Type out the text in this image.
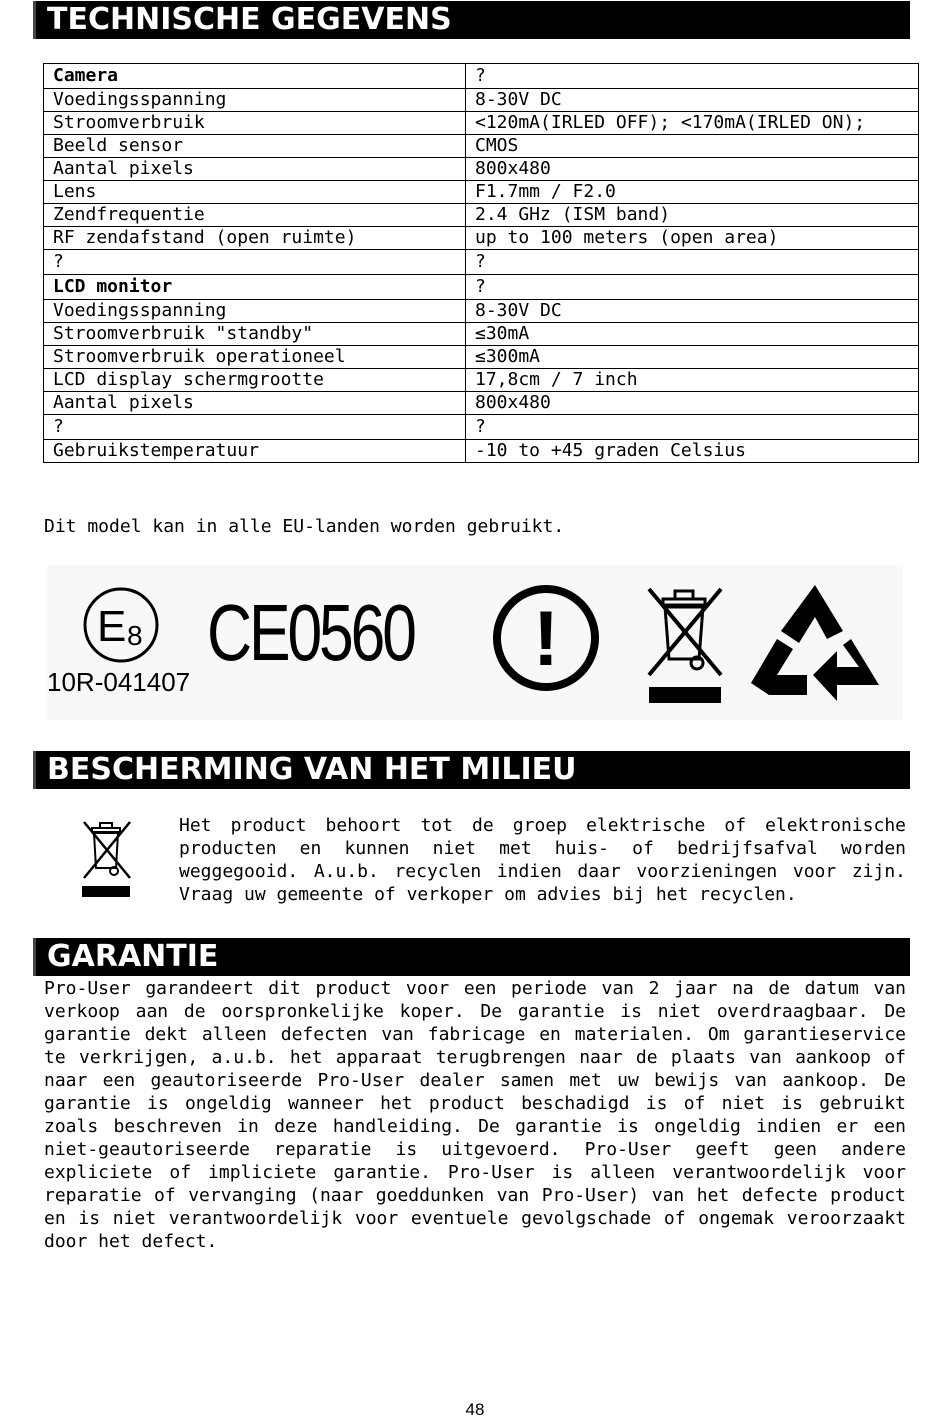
TECHNISCHE GEGEVENS
Camera	?
Voedingsspanning	8-30V DC
Stroomverbruik	<120mA(IRLED OFF); <170mA(IRLED ON);
Beeld sensor	CMOS
Aantal pixels	800x480
Lens	F1.7mm / F2.0
Zendfrequentie	2.4 GHz (ISM band)
RF zendafstand (open ruimte)	up to 100 meters (open area)
?	?
LCD monitor	?
Voedingsspanning	8-30V DC
Stroomverbruik "standby"	≤30mA
Stroomverbruik operationeel	≤300mA
LCD display schermgrootte	17,8cm / 7 inch
Aantal pixels	800x480
?	?
Gebruikstemperatuur	-10 to +45 graden Celsius
Dit model kan in alle EU-landen worden gebruikt.
E 8
10R-041407
CE0560 !
BESCHERMING VAN HET MILIEU
Het product behoort tot de groep elektrische of elektronische producten en kunnen niet met huis- of bedrijfsafval worden weggegooid. A.u.b. recyclen indien daar voorzieningen voor zijn. Vraag uw gemeente of verkoper om advies bij het recyclen.
GARANTIE
Pro-User garandeert dit product voor een periode van 2 jaar na de datum van verkoop aan de oorspronkelijke koper. De garantie is niet overdraagbaar. De garantie dekt alleen defecten van fabricage en materialen. Om garantieservice te verkrijgen, a.u.b. het apparaat terugbrengen naar de plaats van aankoop of naar een geautoriseerde Pro-User dealer samen met uw bewijs van aankoop. De garantie is ongeldig wanneer het product beschadigd is of niet is gebruikt zoals beschreven in deze handleiding. De garantie is ongeldig indien er een niet-geautoriseerde reparatie is uitgevoerd. Pro-User geeft geen andere expliciete of impliciete garantie. Pro-User is alleen verantwoordelijk voor reparatie of vervanging (naar goeddunken van Pro-User) van het defecte product en is niet verantwoordelijk voor eventuele gevolgschade of ongemak veroorzaakt door het defect.
48
